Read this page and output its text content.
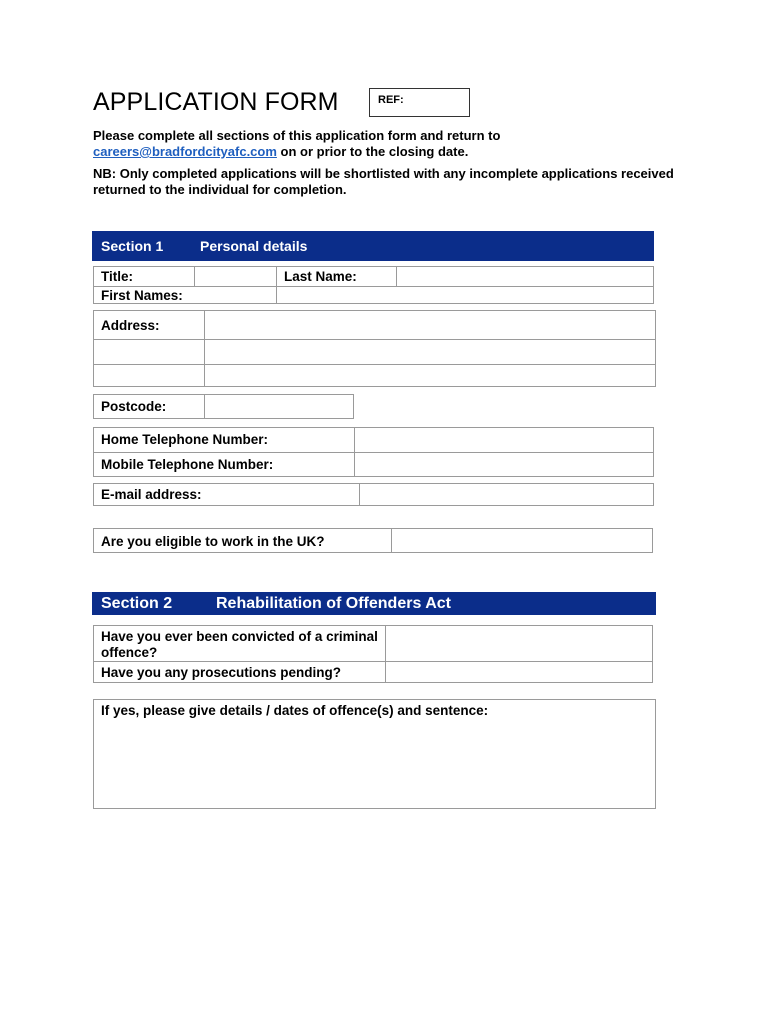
APPLICATION FORM	REF:
Please complete all sections of this application form and return to
careers@bradfordcityafc.com on or prior to the closing date.
NB: Only completed applications will be shortlisted with any incomplete applications received returned to the individual for completion.
Section 1	Personal details
Title:	Last Name:
First Names:
Address:
Postcode:
Home Telephone Number:
Mobile Telephone Number:
E-mail address:
Are you eligible to work in the UK?
Section 2	Rehabilitation of Offenders Act
Have you ever been convicted of a criminal offence?
Have you any prosecutions pending?
If yes, please give details / dates of offence(s) and sentence:
